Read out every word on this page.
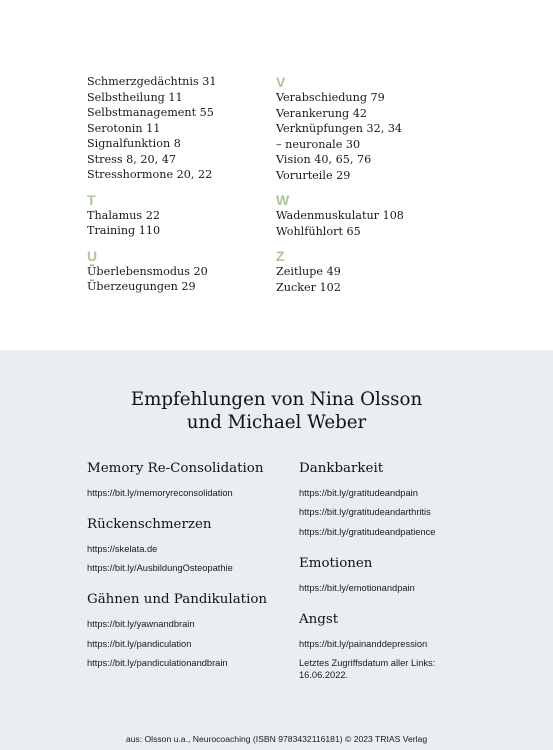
Schmerzgedächtnis 31
Selbstheilung 11
Selbstmanagement 55
Serotonin 11
Signalfunktion 8
Stress 8, 20, 47
Stresshormone 20, 22
T
Thalamus 22
Training 110
U
Überlebensmodus 20
Überzeugungen 29
V
Verabschiedung 79
Verankerung 42
Verknüpfungen 32, 34
– neuronale 30
Vision 40, 65, 76
Vorurteile 29
W
Wadenmuskulatur 108
Wohlfühlort 65
Z
Zeitlupe 49
Zucker 102
Empfehlungen von Nina Olsson
und Michael Weber
Memory Re-Consolidation
https://bit.ly/memoryreconsolidation
Rückenschmerzen
https://skelata.de
https://bit.ly/AusbildungOsteopathie
Gähnen und Pandikulation
https://bit.ly/yawnandbrain
https://bit.ly/pandiculation
https://bit.ly/pandiculationandbrain
Dankbarkeit
https://bit.ly/gratitudeandpain
https://bit.ly/gratitudeandarthritis
https://bit.ly/gratitudeandpatience
Emotionen
https://bit.ly/emotionandpain
Angst
https://bit.ly/painanddepression
Letztes Zugriffsdatum aller Links: 16.06.2022.
aus: Olsson u.a., Neurocoaching (ISBN 9783432116181) © 2023 TRIAS Verlag
